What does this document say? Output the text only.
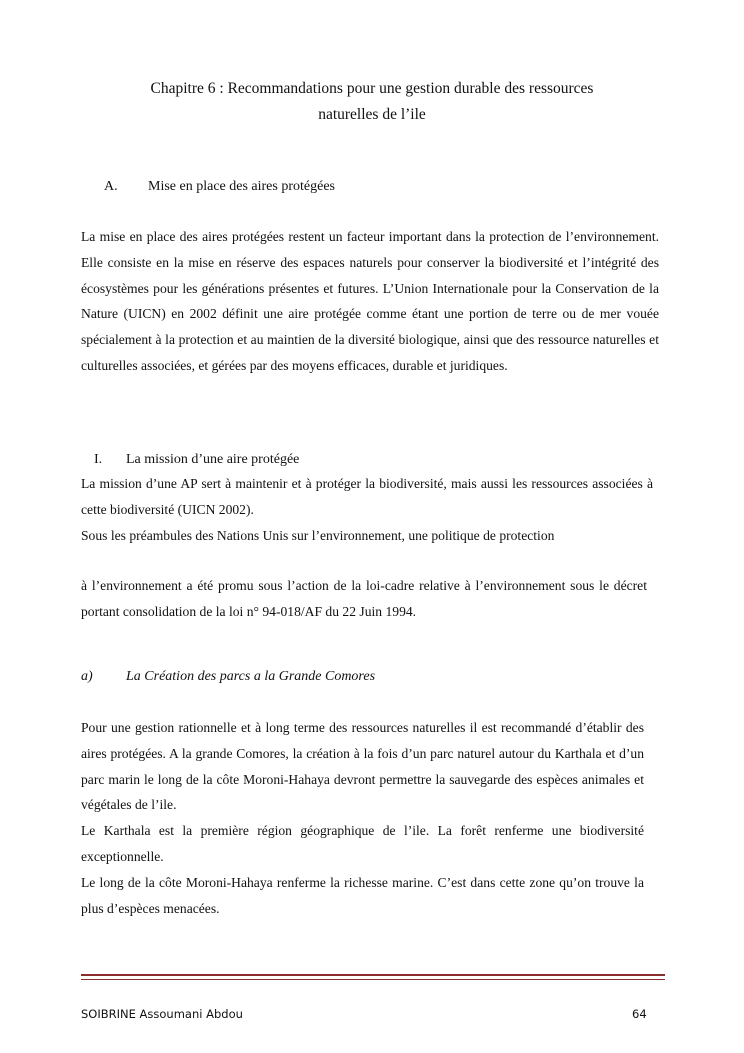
Chapitre 6 : Recommandations pour une gestion durable des ressources
naturelles de l’ile
A. Mise en place des aires protégées

La mise en place des aires protégées restent un facteur important dans la protection de l’environnement. Elle consiste en la mise en réserve des espaces naturels pour conserver la biodiversité et l’intégrité des écosystèmes pour les générations présentes et futures. L’Union Internationale pour la Conservation de la Nature (UICN) en 2002 définit une aire protégée comme étant une portion de terre ou de mer vouée spécialement à la protection et au maintien de la diversité biologique, ainsi que des ressource naturelles et culturelles associées, et gérées par des moyens efficaces, durable et juridiques.

I. La mission d’une aire protégée

La mission d’une AP sert à maintenir et à protéger la biodiversité, mais aussi les ressources associées à cette biodiversité (UICN 2002).

Sous les préambules des Nations Unis sur l’environnement, une politique de protection

à l’environnement a été promu sous l’action de la loi-cadre relative à l’environnement sous le décret portant consolidation de la loi n° 94-018/AF du 22 Juin 1994.

a) La Création des parcs a la Grande Comores

Pour une gestion rationnelle et à long terme des ressources naturelles il est recommandé d’établir des aires protégées. A la grande Comores, la création à la fois d’un parc naturel autour du Karthala et d’un parc marin le long de la côte Moroni-Hahaya devront permettre la sauvegarde des espèces animales et végétales de l’ile.

Le Karthala est la première région géographique de l’ile. La forêt renferme une biodiversité exceptionnelle.

Le long de la côte Moroni-Hahaya renferme la richesse marine. C’est dans cette zone qu’on trouve la plus d’espèces menacées.

SOIBRINE Assoumani Abdou	64
